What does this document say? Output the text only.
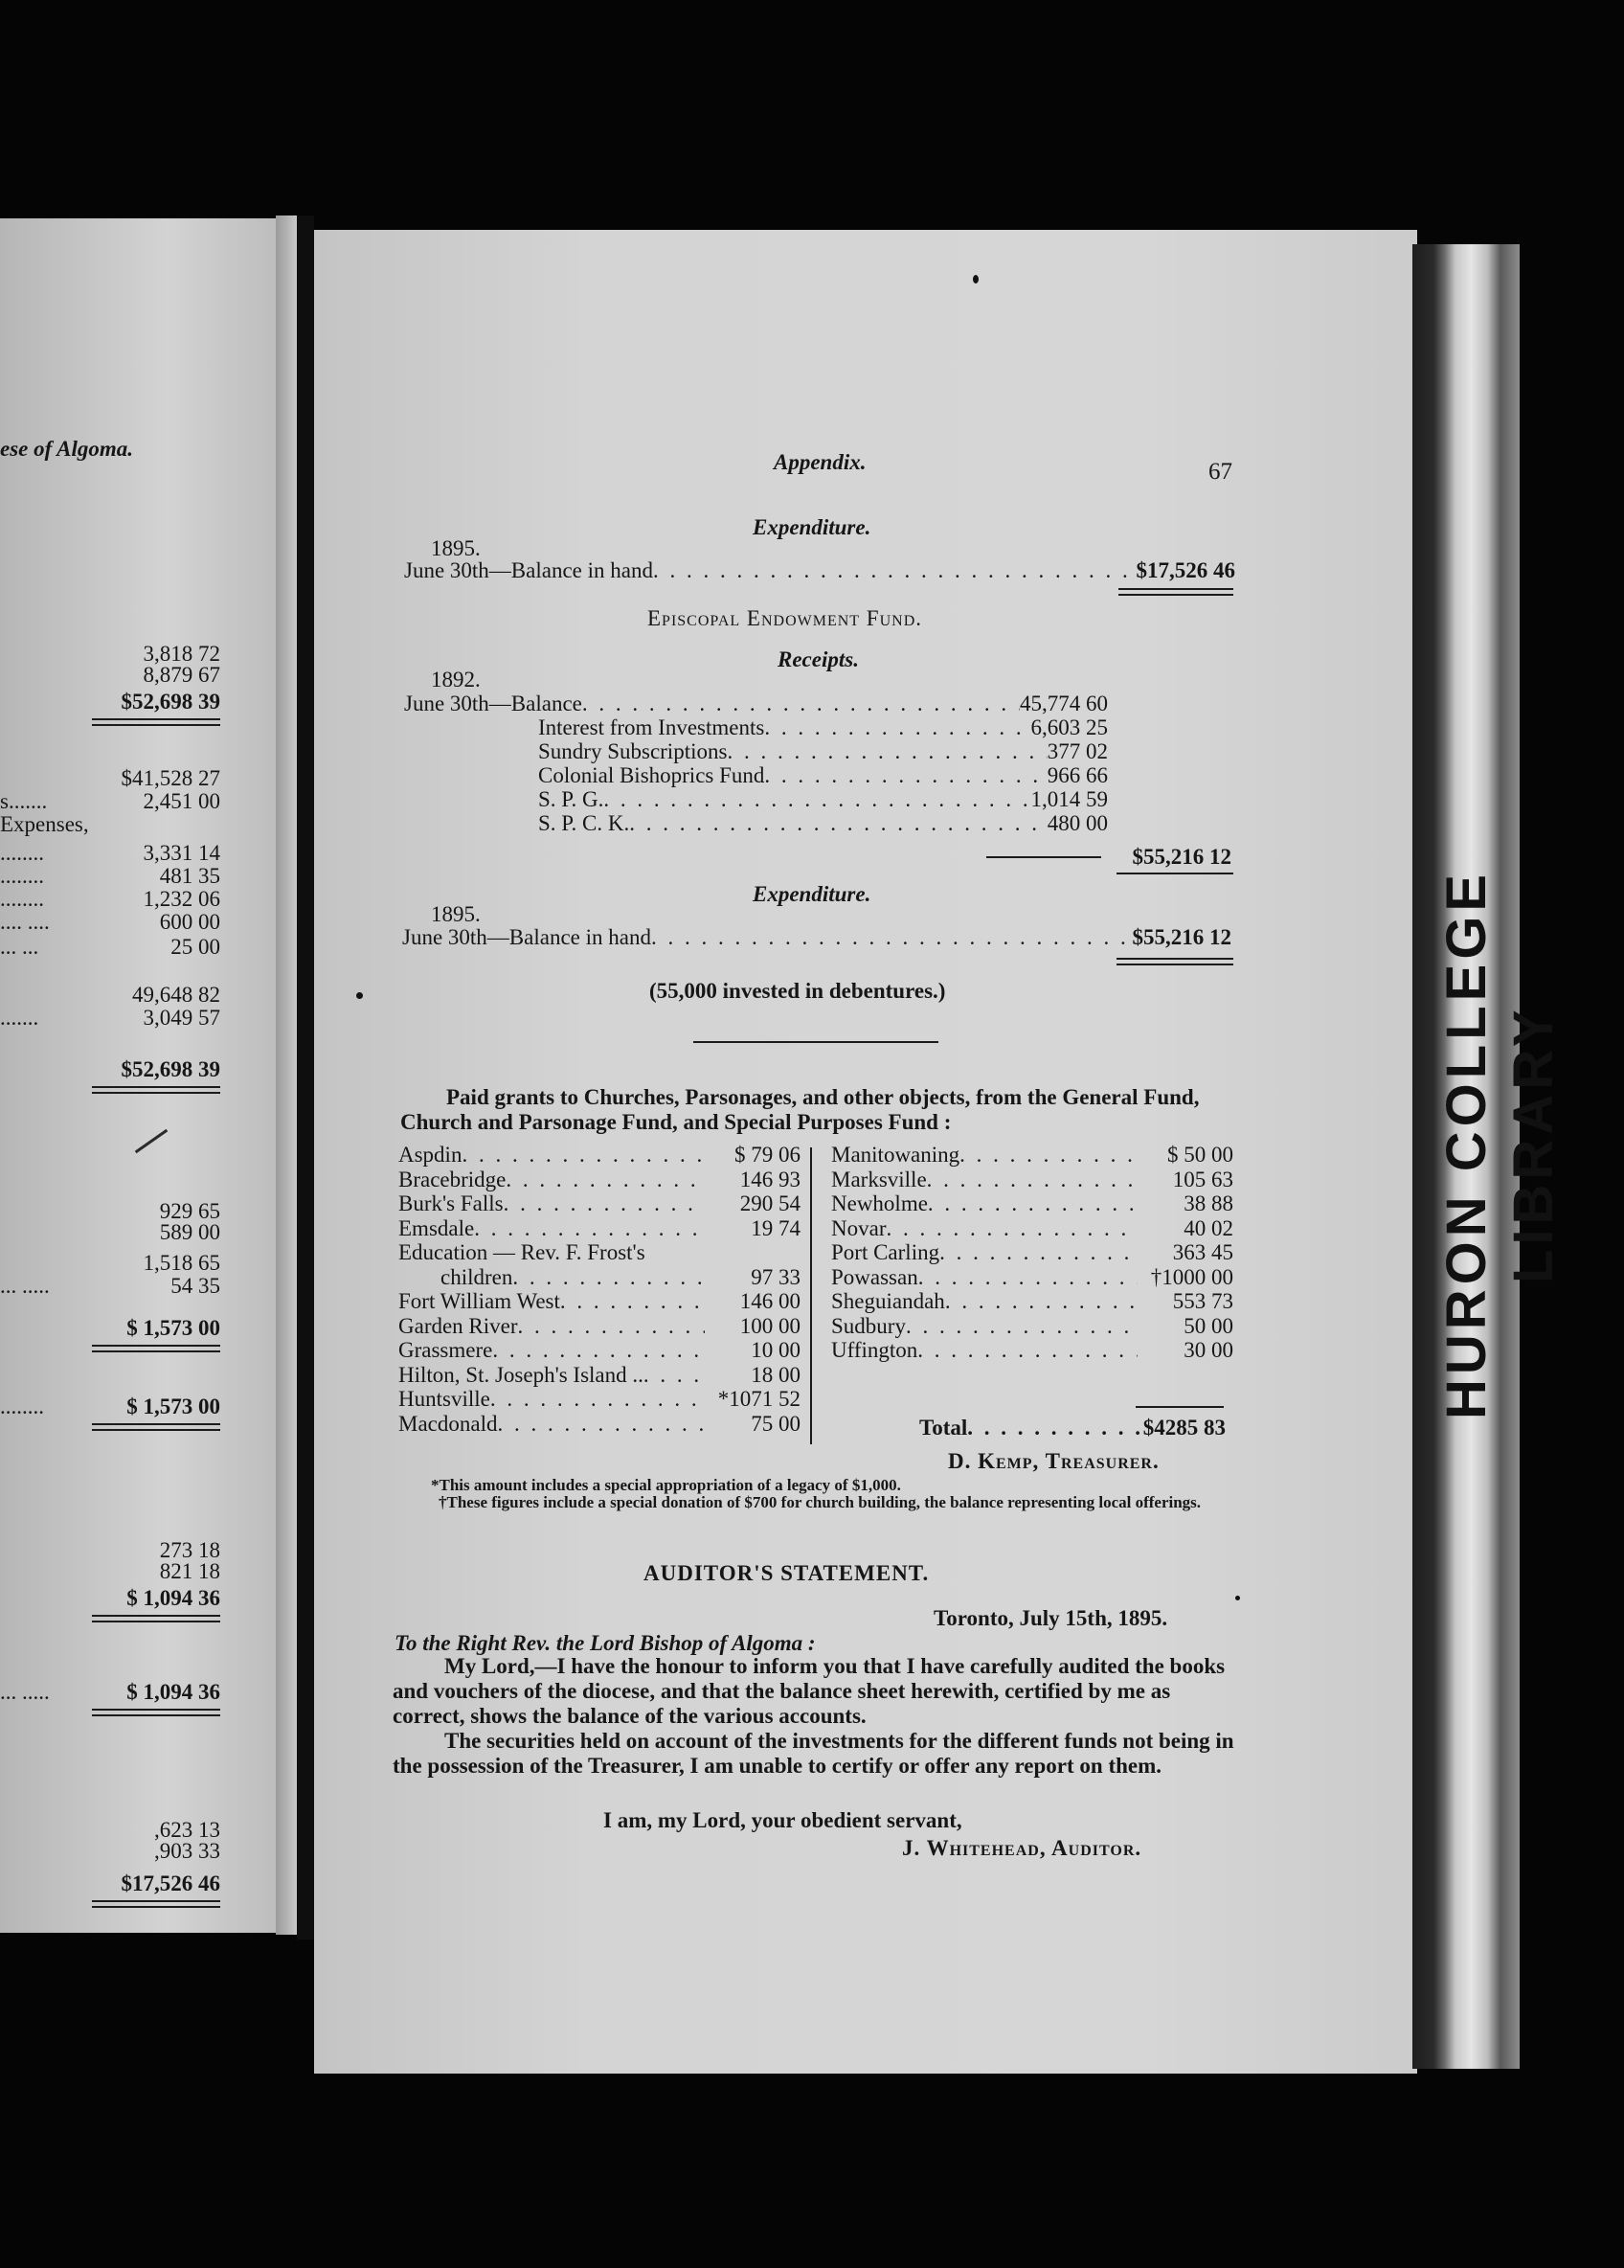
ese of Algoma.
3,818 72
8,879 67
$52,698 39
$41,528 27
s.......	2,451 00
Expenses,
........	3,331 14
........	481 35
........	1,232 06
.... ....	600 00
... ...	25 00
49,648 82
.......	3,049 57
$52,698 39
929 65
589 00
1,518 65
... .....	54 35
$ 1,573 00
........	$ 1,573 00
273 18
821 18
$ 1,094 36
... .....	$ 1,094 36
,623 13
,903 33
$17,526 46
Appendix.	67
Expenditure.
1895.
June 30th—Balance in hand . . .	$17,526 46
Episcopal Endowment Fund.
Receipts.
1892.
June 30th—Balance . . .	45,774 60
Interest from Investments . . .	6,603 25
Sundry Subscriptions . . .	377 02
Colonial Bishoprics Fund . . .	966 66
S. P. G. . . .	1,014 59
S. P. C. K. . . .	480 00
$55,216 12
Expenditure.
1895.
June 30th—Balance in hand . . .	$55,216 12
(55,000 invested in debentures.)
Paid grants to Churches, Parsonages, and other objects, from the General Fund, Church and Parsonage Fund, and Special Purposes Fund :
Aspdin . . .	$ 79 06
Bracebridge . . .	146 93
Burk's Falls . . .	290 54
Emsdale . . .	19 74
Education — Rev. F. Frost's
children . . .	97 33
Fort William West . . .	146 00
Garden River . . .	100 00
Grassmere . . .	10 00
Hilton, St. Joseph's Island .. . . .	18 00
Huntsville . . .	*1071 52
Macdonald . . .	75 00
Manitowaning . . .	$ 50 00
Marksville . . .	105 63
Newholme . . .	38 88
Novar . . .	40 02
Port Carling . . .	363 45
Powassan . . .	†1000 00
Sheguiandah . . .	553 73
Sudbury . . .	50 00
Uffington . . .	30 00
Total . . .	$4285 83
D. Kemp, Treasurer.
*This amount includes a special appropriation of a legacy of $1,000.
†These figures include a special donation of $700 for church building, the balance representing local offerings.
AUDITOR'S STATEMENT.
Toronto, July 15th, 1895.
To the Right Rev. the Lord Bishop of Algoma :
My Lord,—I have the honour to inform you that I have carefully audited the books and vouchers of the diocese, and that the balance sheet herewith, certified by me as correct, shows the balance of the various accounts.
The securities held on account of the investments for the different funds not being in the possession of the Treasurer, I am unable to certify or offer any report on them.
I am, my Lord, your obedient servant,
J. Whitehead, Auditor.
HURON COLLEGE LIBRARY
